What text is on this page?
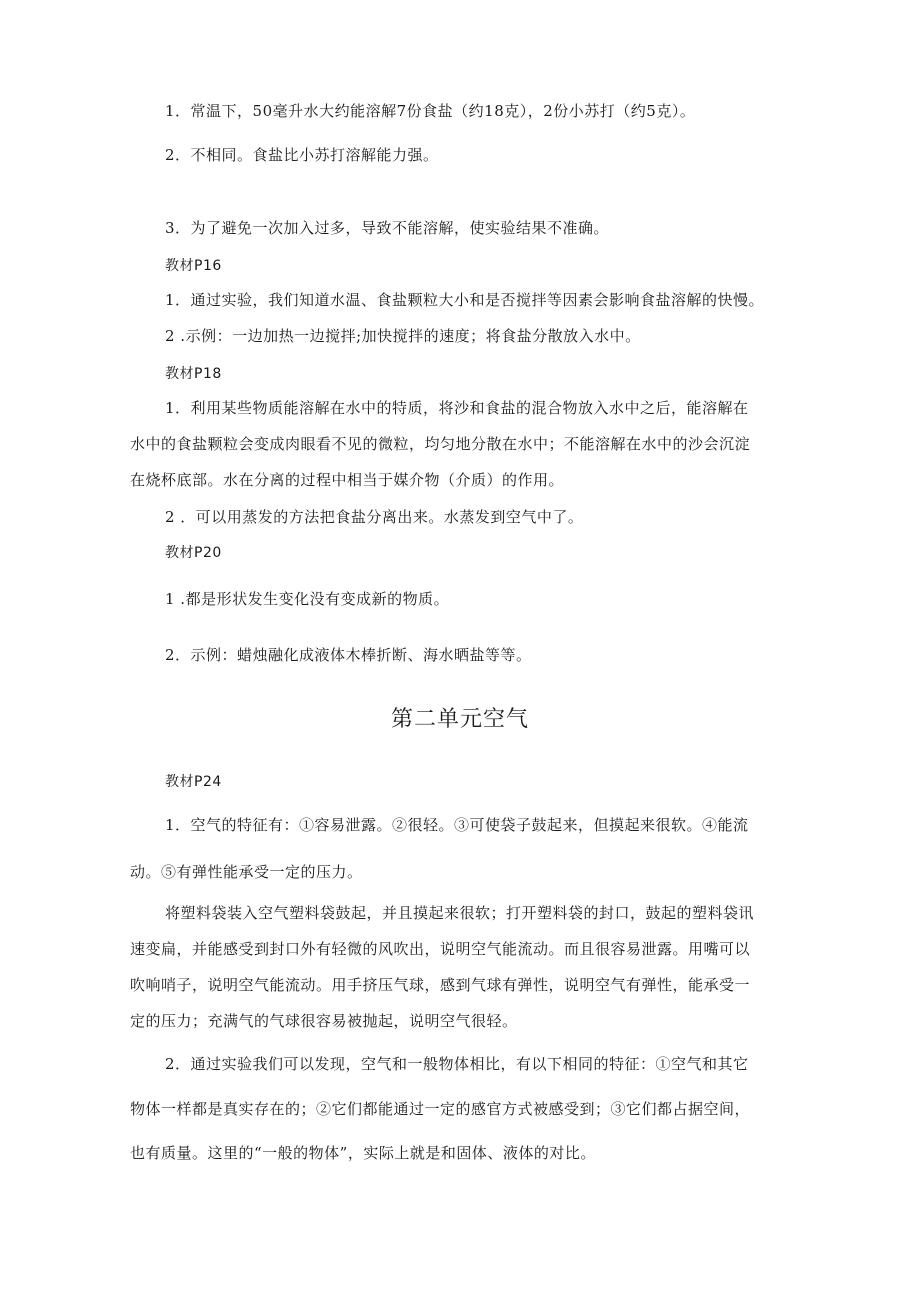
1．常温下，50毫升水大约能溶解7份食盐（约18克），2份小苏打（约5克）。
2．不相同。食盐比小苏打溶解能力强。
3．为了避免一次加入过多，导致不能溶解，使实验结果不准确。
教材P16
1．通过实验，我们知道水温、食盐颗粒大小和是否搅拌等因素会影响食盐溶解的快慢。
2 .示例：一边加热一边搅拌;加快搅拌的速度；将食盐分散放入水中。
教材P18
1．利用某些物质能溶解在水中的特质，将沙和食盐的混合物放入水中之后，能溶解在
水中的食盐颗粒会变成肉眼看不见的微粒，均匀地分散在水中；不能溶解在水中的沙会沉淀
在烧杯底部。水在分离的过程中相当于媒介物（介质）的作用。
2 ．可以用蒸发的方法把食盐分离出来。水蒸发到空气中了。
教材P20
1 .都是形状发生变化没有变成新的物质。
2．示例：蜡烛融化成液体木棒折断、海水晒盐等等。
第二单元空气
教材P24
1．空气的特征有：①容易泄露。②很轻。③可使袋子鼓起来，但摸起来很软。④能流
动。⑤有弹性能承受一定的压力。
将塑料袋装入空气塑料袋鼓起，并且摸起来很软；打开塑料袋的封口，鼓起的塑料袋讯
速变扁，并能感受到封口外有轻微的风吹出，说明空气能流动。而且很容易泄露。用嘴可以
吹响哨子，说明空气能流动。用手挤压气球，感到气球有弹性，说明空气有弹性，能承受一
定的压力；充满气的气球很容易被抛起，说明空气很轻。
2．通过实验我们可以发现，空气和一般物体相比，有以下相同的特征：①空气和其它
物体一样都是真实存在的；②它们都能通过一定的感官方式被感受到；③它们都占据空间，
也有质量。这里的“一般的物体”，实际上就是和固体、液体的对比。
